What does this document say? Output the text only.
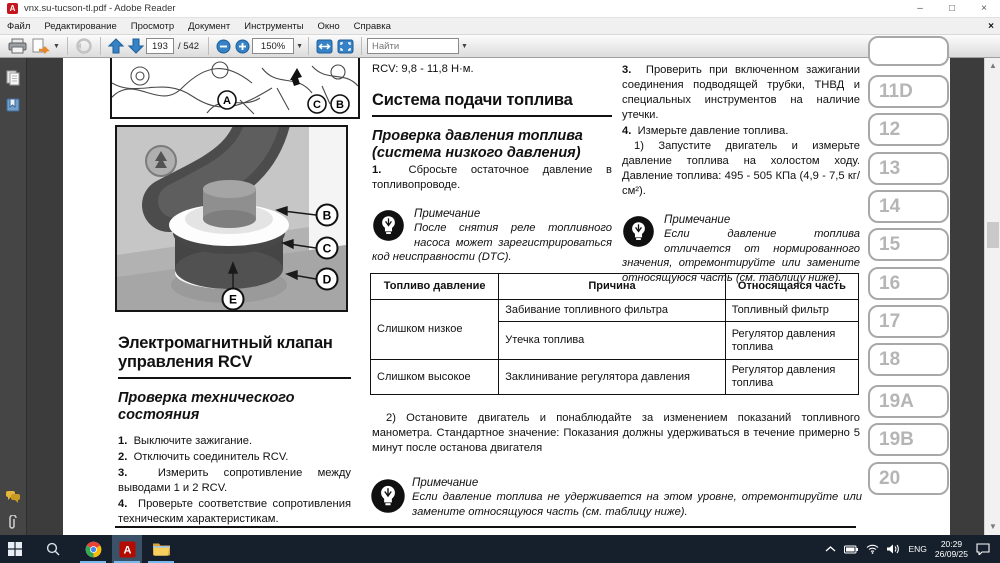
A vnx.su-tucson-tl.pdf - Adobe Reader	–	□	×
Файл	Редактирование	Просмотр	Документ	Инструменты	Окно	Справка	×
▼
193	/ 542	150% ▼
Найти	▼
A	C B
B
C
D
E
Электромагнитный клапан управления RCV
Проверка технического состояния

1. Выключите зажигание.

2. Отключить соединитель RCV.

3.	Измерить сопротивление между выводами 1 и 2 RCV.

4. Проверьте соответствие сопротивления техническим характеристикам.

RCV: 9,8 - 11,8 Н·м.
Система подачи топлива
Проверка давления топлива (система низкого давления)

1. Сбросьте остаточное давление в топливопроводе.

Примечание
После снятия реле топливного насоса может зарегистрироваться код неисправности (DTC).

3. Проверить при включенном зажигании соединения подводящей трубки, ТНВД и специальных инструментов на наличие утечки.

4. Измерьте давление топлива.

1) Запустите двигатель и измерьте давление топлива на холостом ходу. Давление топлива: 495 - 505 КПа (4,9 - 7,5 кг/см²).

Примечание
Если давление топлива отличается от нормированного значения, отремонтируйте или замените относящуюся часть (см. таблицу ниже).
Топливо давление	Причина	Относящаяся часть
Слишком низкое	Забивание топливного фильтра	Топливный фильтр
	Утечка топлива	Регулятор давления топлива
Слишком высокое	Заклинивание регулятора давления	Регулятор давления топлива
2) Остановите двигатель и понаблюдайте за изменением показаний топливного манометра. Стандартное значение: Показания должны удерживаться в течение примерно 5 минут после останова двигателя
Примечание
Если давление топлива не удерживается на этом уровне, отремонтируйте или замените относящуюся часть (см. таблицу ниже).
11D
12
13
14
15
16
17
18
19A
19B
20
▲
▼
A	ENG	20:29
26/09/25
